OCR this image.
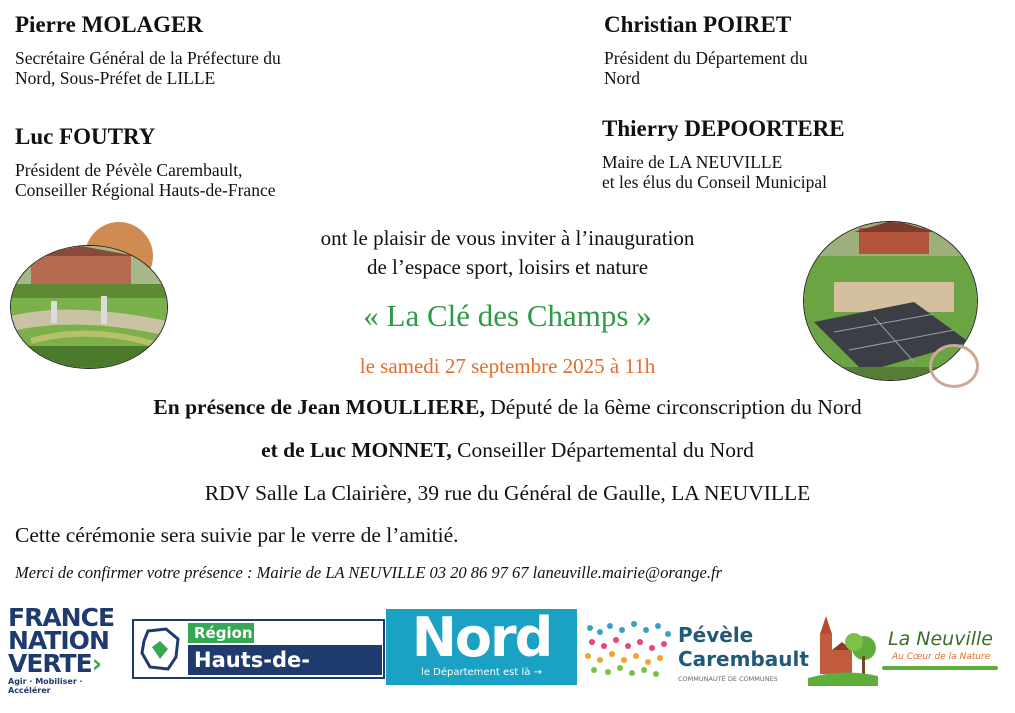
Pierre MOLAGER

Secrétaire Général de la Préfecture du

Nord, Sous-Préfet de LILLE

Christian POIRET

Président du Département du

Nord

Luc FOUTRY

Président de Pévèle Carembault,

Conseiller Régional Hauts-de-France

Thierry DEPOORTERE

Maire de LA NEUVILLE

et les élus du Conseil Municipal

ont le plaisir de vous inviter à l’inauguration
de l’espace sport, loisirs et nature
« La Clé des Champs »
le samedi 27 septembre 2025 à 11h
En présence de Jean MOULLIERE, Député de la 6ème circonscription du Nord
et de Luc MONNET, Conseiller Départemental du Nord
RDV Salle La Clairière, 39 rue du Général de Gaulle, LA NEUVILLE
Cette cérémonie sera suivie par le verre de l’amitié.
Merci de confirmer votre présence : Mairie de LA NEUVILLE 03 20 86 97 67 laneuville.mairie@orange.fr
FRANCE
NATION
VERTE›
Agir · Mobiliser · Accélérer
Région
Hauts-de-France
Nord
le Département est là →
Pévèle
Carembault
COMMUNAUTÉ DE COMMUNES
La Neuville
Au Cœur de la Nature
